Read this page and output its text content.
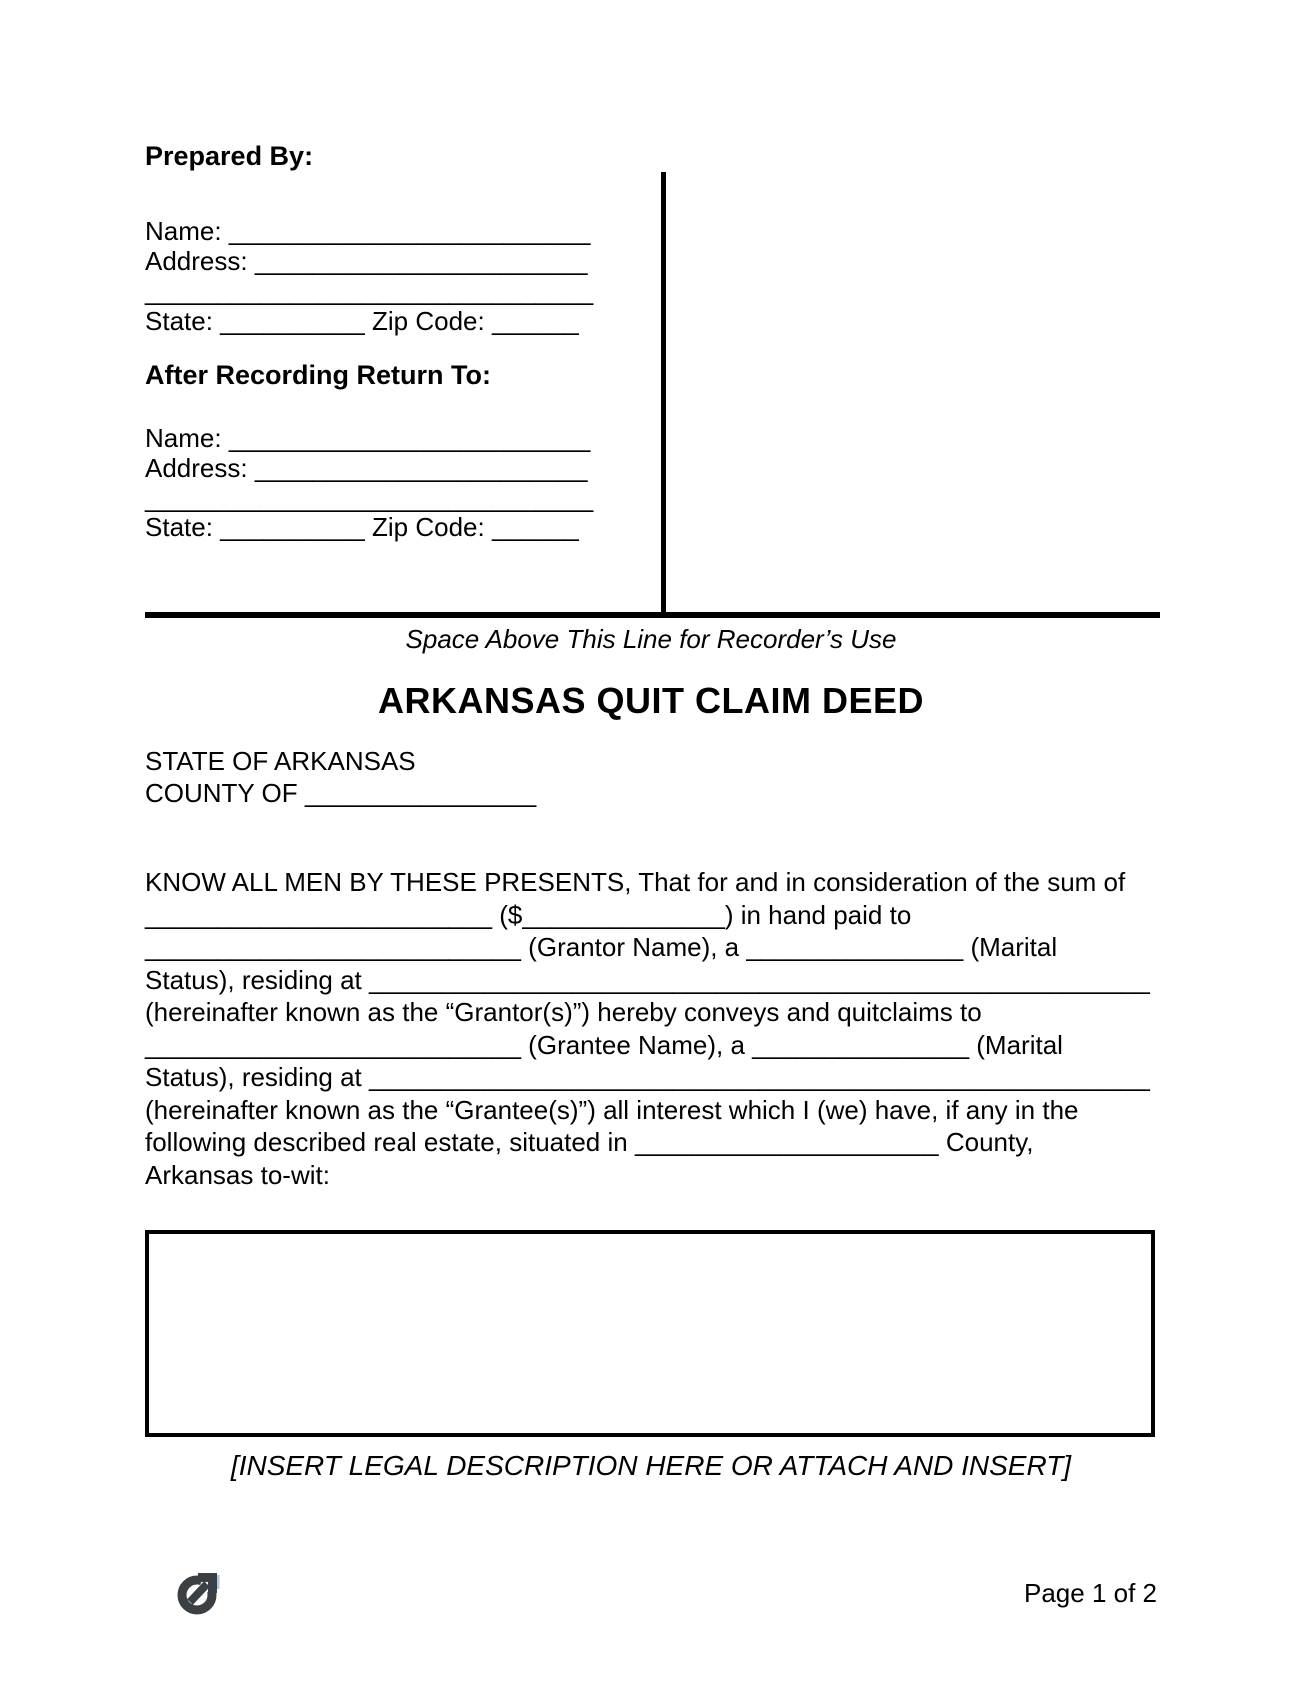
Prepared By:
Name: _________________________
Address: _______________________
_______________________________
State: __________ Zip Code: ______
After Recording Return To:
Name: _________________________
Address: _______________________
_______________________________
State: __________ Zip Code: ______
Space Above This Line for Recorder’s Use
ARKANSAS QUIT CLAIM DEED
STATE OF ARKANSAS
COUNTY OF ________________
KNOW ALL MEN BY THESE PRESENTS, That for and in consideration of the sum of
________________________ ($______________) in hand paid to
__________________________ (Grantor Name), a _______________ (Marital
Status), residing at ______________________________________________________
(hereinafter known as the “Grantor(s)”) hereby conveys and quitclaims to
__________________________ (Grantee Name), a _______________ (Marital
Status), residing at ______________________________________________________
(hereinafter known as the “Grantee(s)”) all interest which I (we) have, if any in the
following described real estate, situated in _____________________ County,
Arkansas to-wit:
[INSERT LEGAL DESCRIPTION HERE OR ATTACH AND INSERT]
Page 1 of 2
